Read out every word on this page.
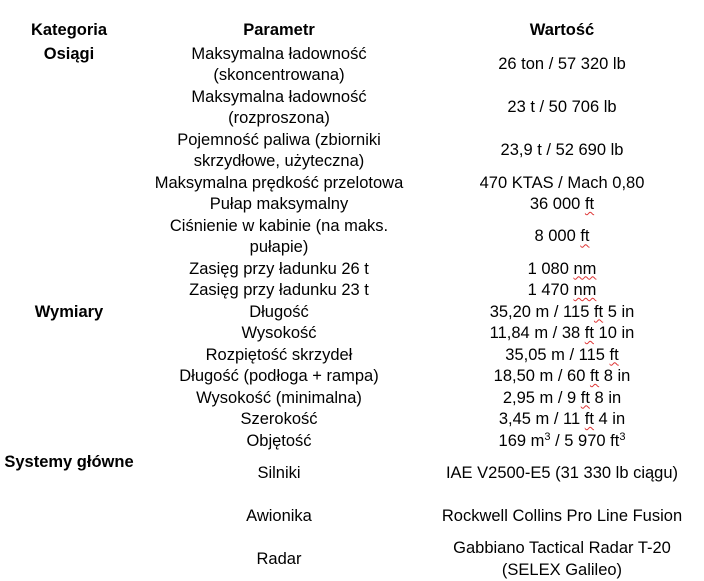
Kategoria	Parametr	Wartość
Osiągi	Maksymalna ładowność (skoncentrowana)	26 ton / 57 320 lb
	Maksymalna ładowność (rozproszona)	23 t / 50 706 lb
	Pojemność paliwa (zbiorniki skrzydłowe, użyteczna)	23,9 t / 52 690 lb
	Maksymalna prędkość przelotowa	470 KTAS / Mach 0,80
	Pułap maksymalny	36 000 ft
	Ciśnienie w kabinie (na maks. pułapie)	8 000 ft
	Zasięg przy ładunku 26 t	1 080 nm
	Zasięg przy ładunku 23 t	1 470 nm
Wymiary	Długość	35,20 m / 115 ft 5 in
	Wysokość	11,84 m / 38 ft 10 in
	Rozpiętość skrzydeł	35,05 m / 115 ft
	Długość (podłoga + rampa)	18,50 m / 60 ft 8 in
	Wysokość (minimalna)	2,95 m / 9 ft 8 in
	Szerokość	3,45 m / 11 ft 4 in
	Objętość	169 $m^3 / 5$ 970 $ft^3$
Systemy główne	Silniki	IAE V2500-E5 (31 330 lb ciągu)
	Awionika	Rockwell Collins Pro Line Fusion
	Radar	Gabbiano Tactical Radar T-20 (SELEX Galileo)
